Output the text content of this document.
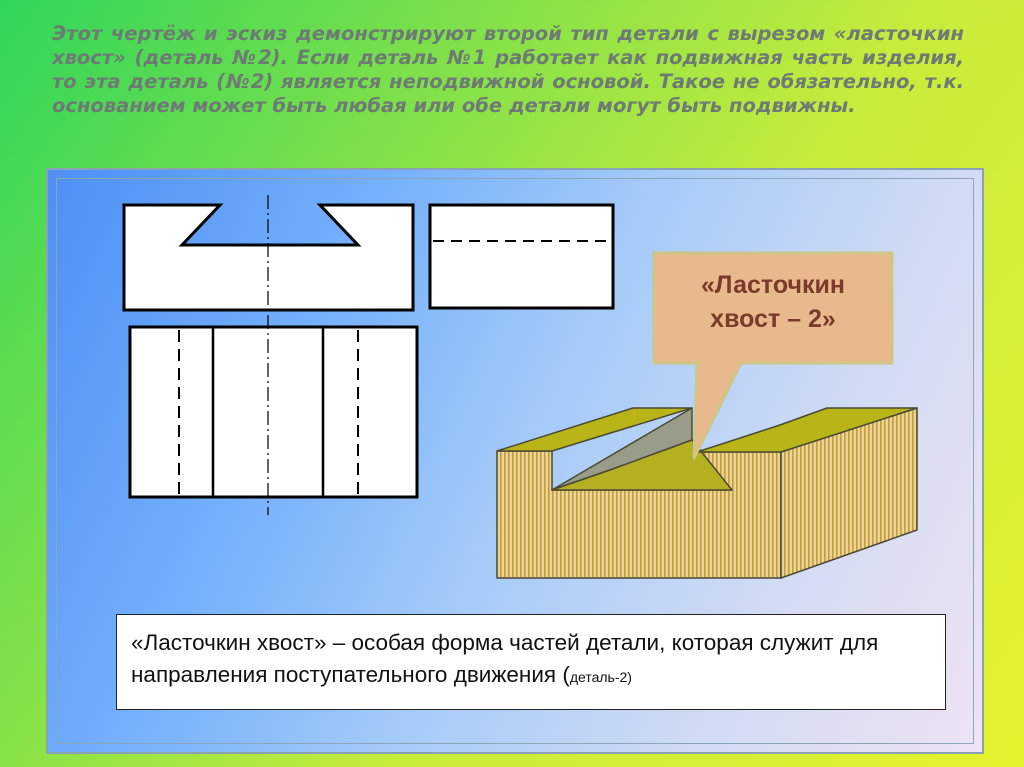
Этот чертёж и эскиз демонстрируют второй тип детали с вырезом «ласточкин хвост» (деталь №2). Если деталь №1 работает как подвижная часть изделия, то эта деталь (№2) является неподвижной основой. Такое не обязательно, т.к. основанием может быть любая или обе детали могут быть подвижны.

«Ласточкин
хвост – 2»
«Ласточкин хвост» – особая форма частей детали, которая служит для направления поступательного движения (деталь-2)
